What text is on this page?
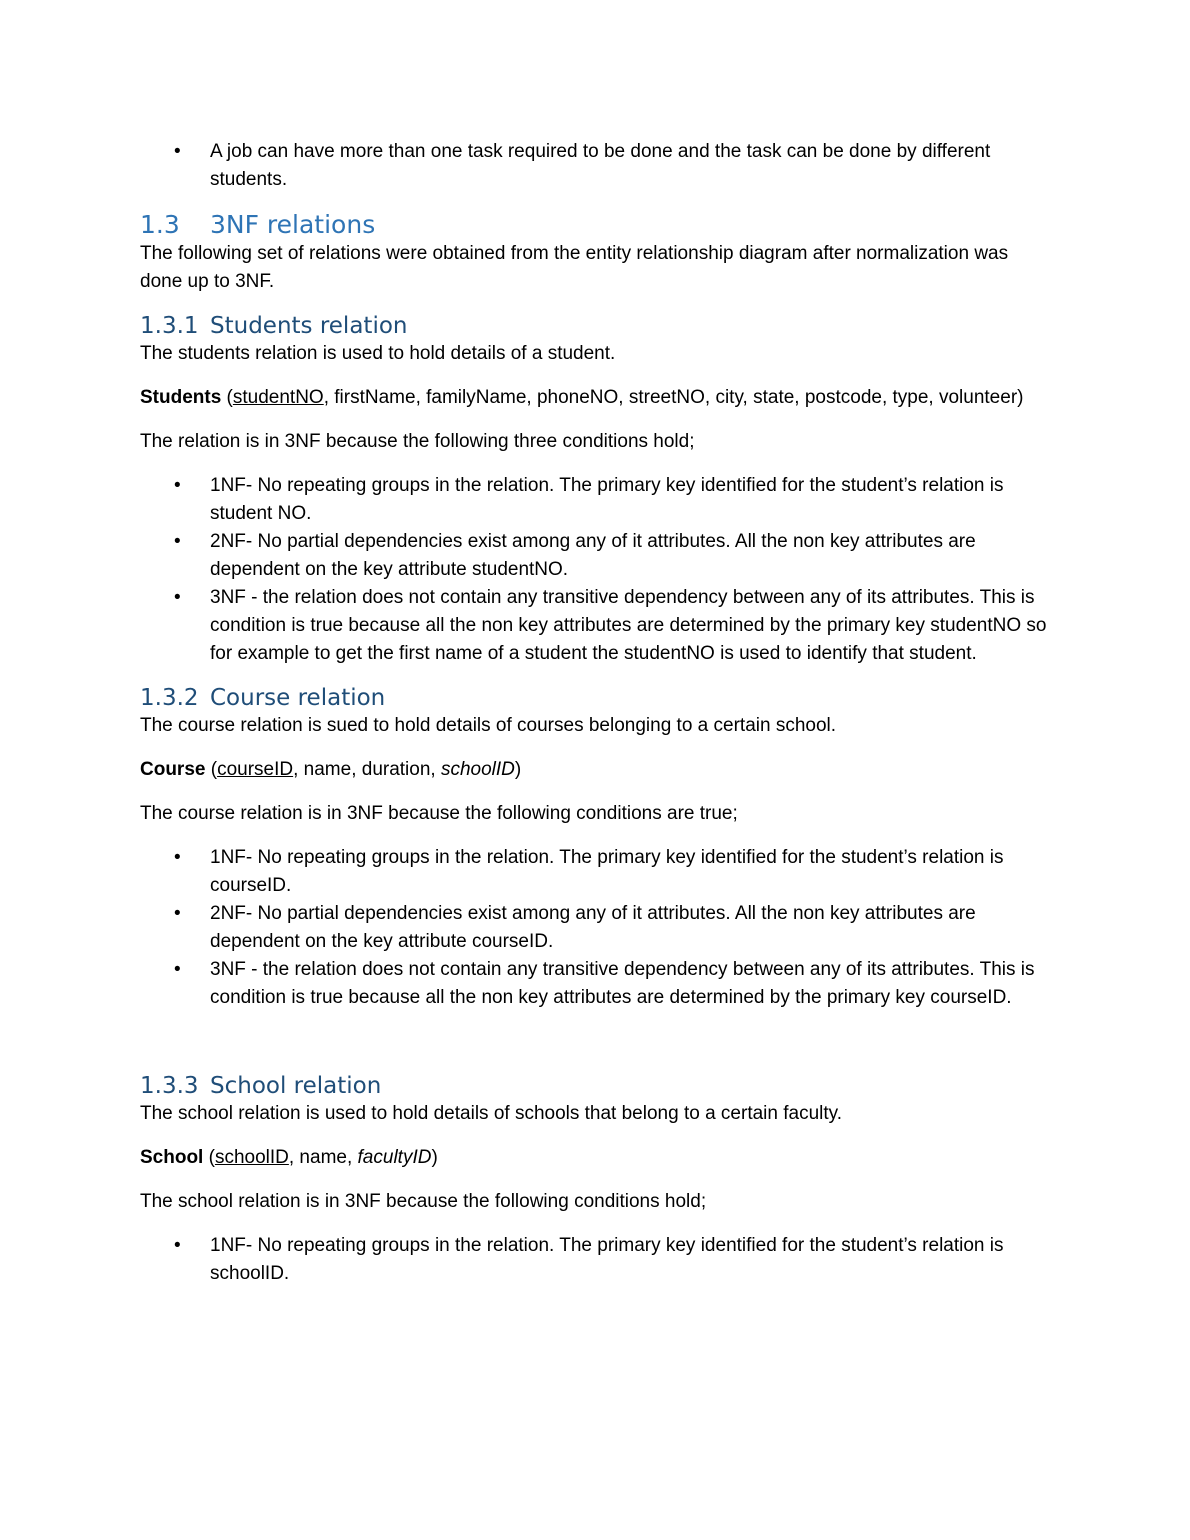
• A job can have more than one task required to be done and the task can be done by different students.
1.3 3NF relations

The following set of relations were obtained from the entity relationship diagram after normalization was done up to 3NF.

1.3.1 Students relation

The students relation is used to hold details of a student.

Students (studentNO, firstName, familyName, phoneNO, streetNO, city, state, postcode, type, volunteer)

The relation is in 3NF because the following three conditions hold;

• 1NF- No repeating groups in the relation. The primary key identified for the student’s relation is student NO.
• 2NF- No partial dependencies exist among any of it attributes. All the non key attributes are dependent on the key attribute studentNO.
• 3NF - the relation does not contain any transitive dependency between any of its attributes. This is condition is true because all the non key attributes are determined by the primary key studentNO so for example to get the first name of a student the studentNO is used to identify that student.
1.3.2 Course relation

The course relation is sued to hold details of courses belonging to a certain school.

Course (courseID, name, duration, schoolID)

The course relation is in 3NF because the following conditions are true;

• 1NF- No repeating groups in the relation. The primary key identified for the student’s relation is courseID.
• 2NF- No partial dependencies exist among any of it attributes. All the non key attributes are dependent on the key attribute courseID.
• 3NF - the relation does not contain any transitive dependency between any of its attributes. This is condition is true because all the non key attributes are determined by the primary key courseID.
1.3.3 School relation

The school relation is used to hold details of schools that belong to a certain faculty.

School (schoolID, name, facultyID)

The school relation is in 3NF because the following conditions hold;

• 1NF- No repeating groups in the relation. The primary key identified for the student’s relation is schoolID.
